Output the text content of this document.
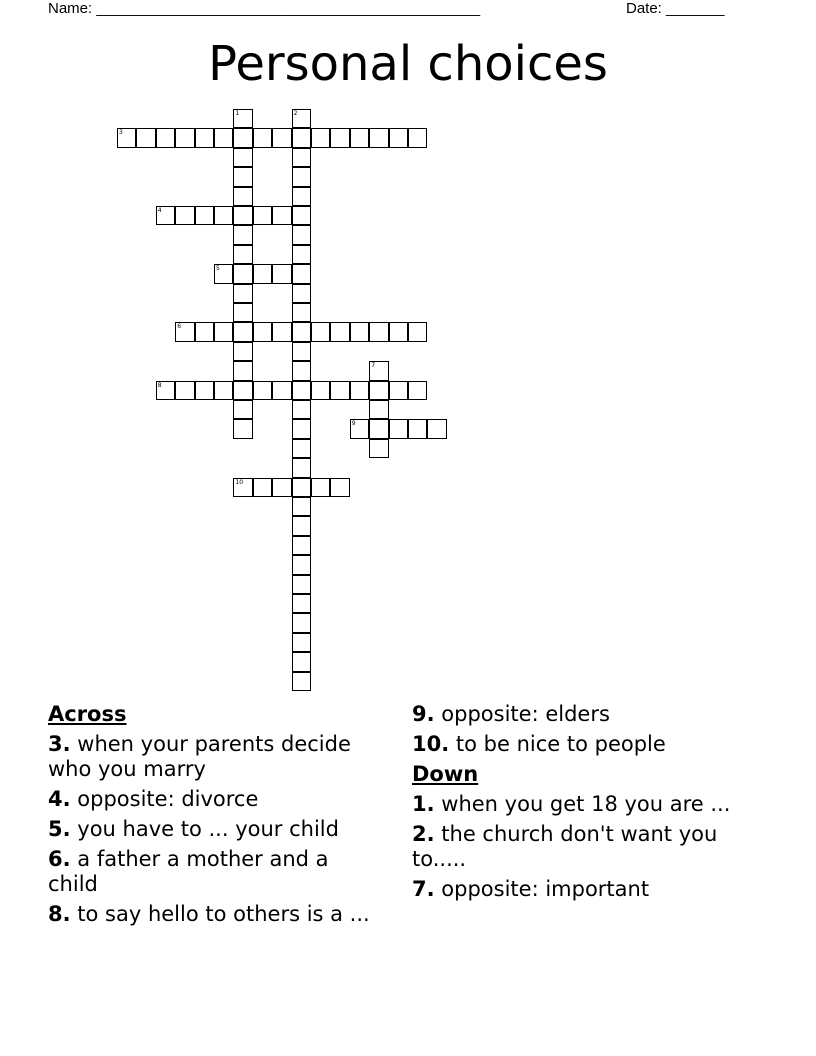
Name: ______________________________________________	Date: _______
Personal choices
1	2
3
4
5
6
7
8
9
10
Across
3. when your parents decide who you marry
4. opposite: divorce
5. you have to ... your child
6. a father a mother and a child
8. to say hello to others is a ...
9. opposite: elders
10. to be nice to people
Down
1. when you get 18 you are ...
2. the church don't want you to.....
7. opposite: important
